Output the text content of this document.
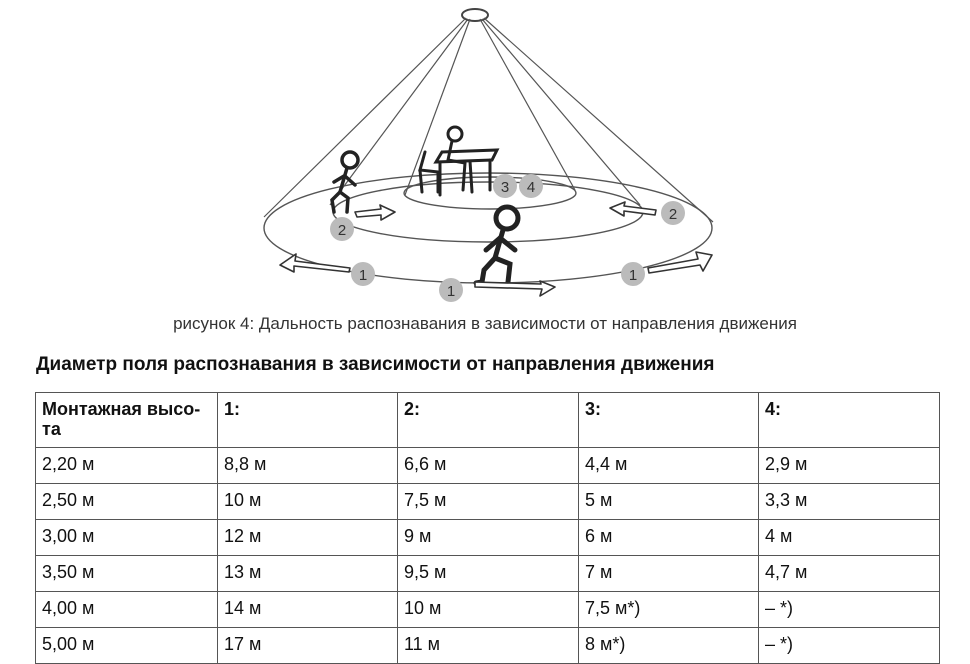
1
1
1
2
2
3 4
рисунок 4: Дальность распознавания в зависимости от направления движения
Диаметр поля распознавания в зависимости от направления движения
Монтажная высо-та	1:	2:	3:	4:
2,20 м	8,8 м	6,6 м	4,4 м	2,9 м
2,50 м	10 м	7,5 м	5 м	3,3 м
3,00 м	12 м	9 м	6 м	4 м
3,50 м	13 м	9,5 м	7 м	4,7 м
4,00 м	14 м	10 м	7,5 м*)	– *)
5,00 м	17 м	11 м	8 м*)	– *)
